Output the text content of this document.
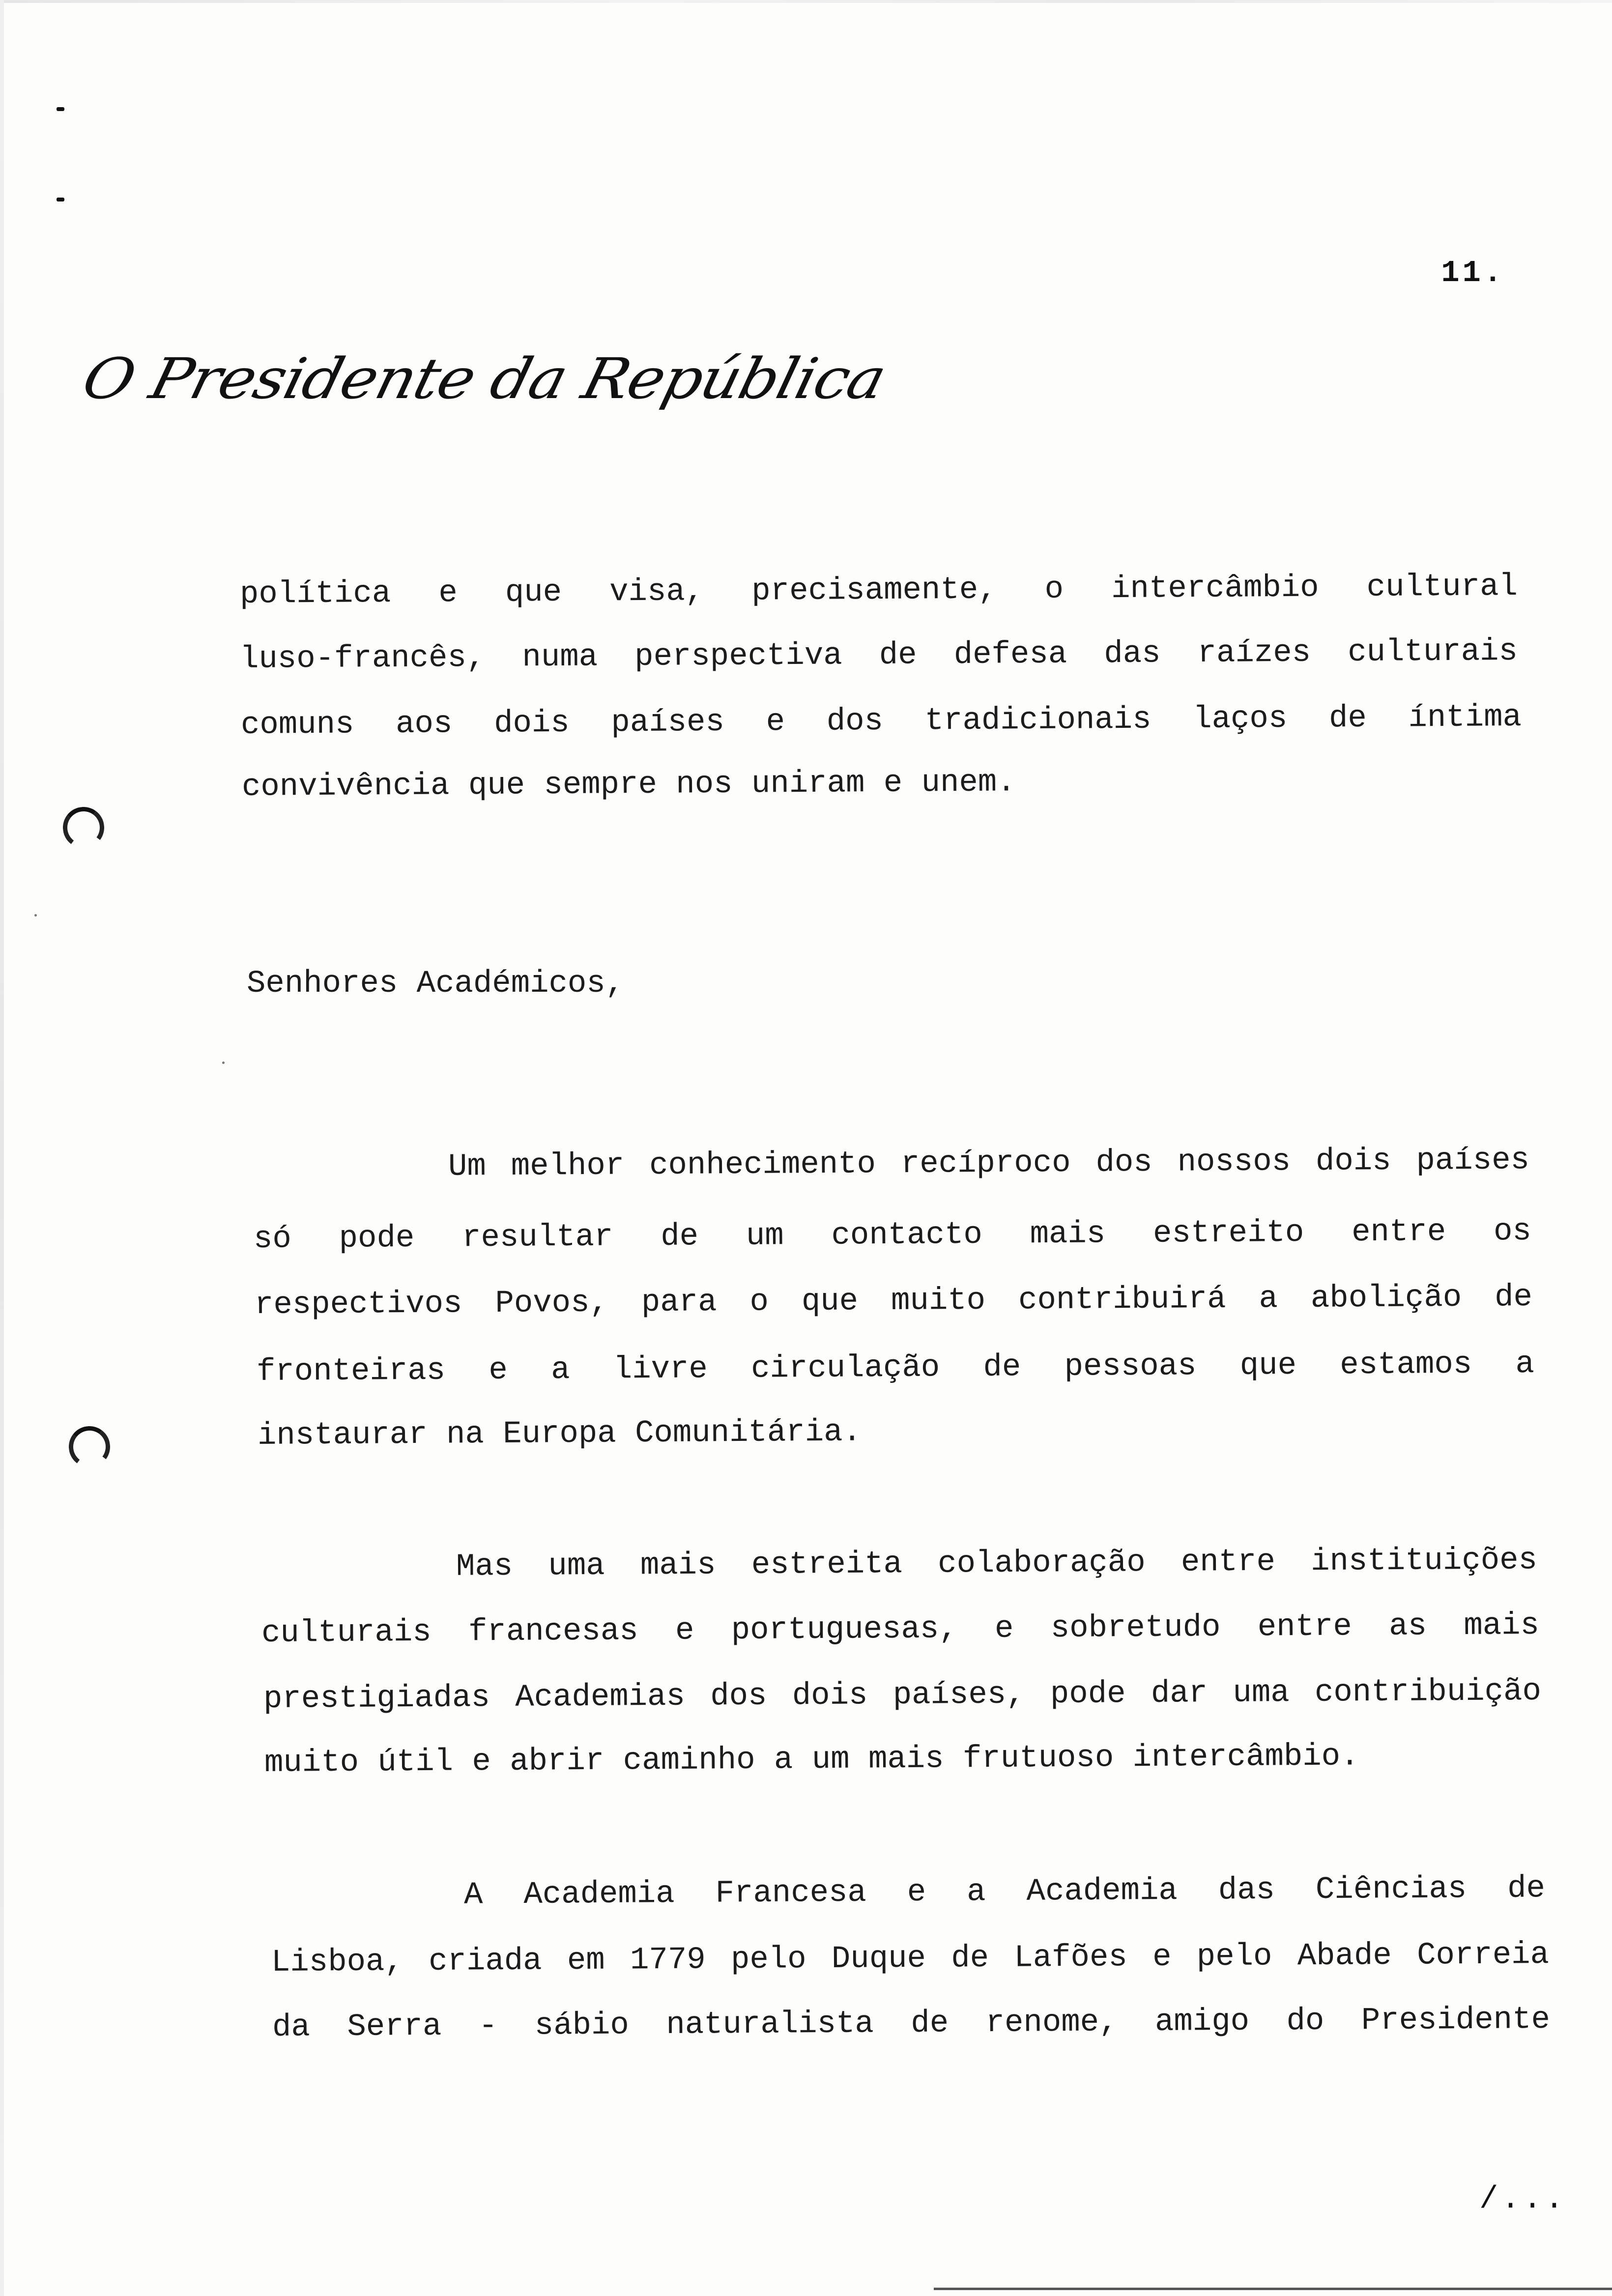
11.
O Presidente da República
política e que visa, precisamente, o intercâmbio cultural
luso-francês, numa perspectiva de defesa das raízes culturais
comuns aos dois países e dos tradicionais laços de íntima
convivência que sempre nos uniram e unem.
Senhores Académicos,
Um melhor conhecimento recíproco dos nossos dois países
só pode resultar de um contacto mais estreito entre os
respectivos Povos, para o que muito contribuirá a abolição de
fronteiras e a livre circulação de pessoas que estamos a
instaurar na Europa Comunitária.
Mas uma mais estreita colaboração entre instituições
culturais francesas e portuguesas, e sobretudo entre as mais
prestigiadas Academias dos dois países, pode dar uma contribuição
muito útil e abrir caminho a um mais frutuoso intercâmbio.
A Academia Francesa e a Academia das Ciências de
Lisboa, criada em 1779 pelo Duque de Lafões e pelo Abade Correia
da Serra - sábio naturalista de renome, amigo do Presidente
/...
